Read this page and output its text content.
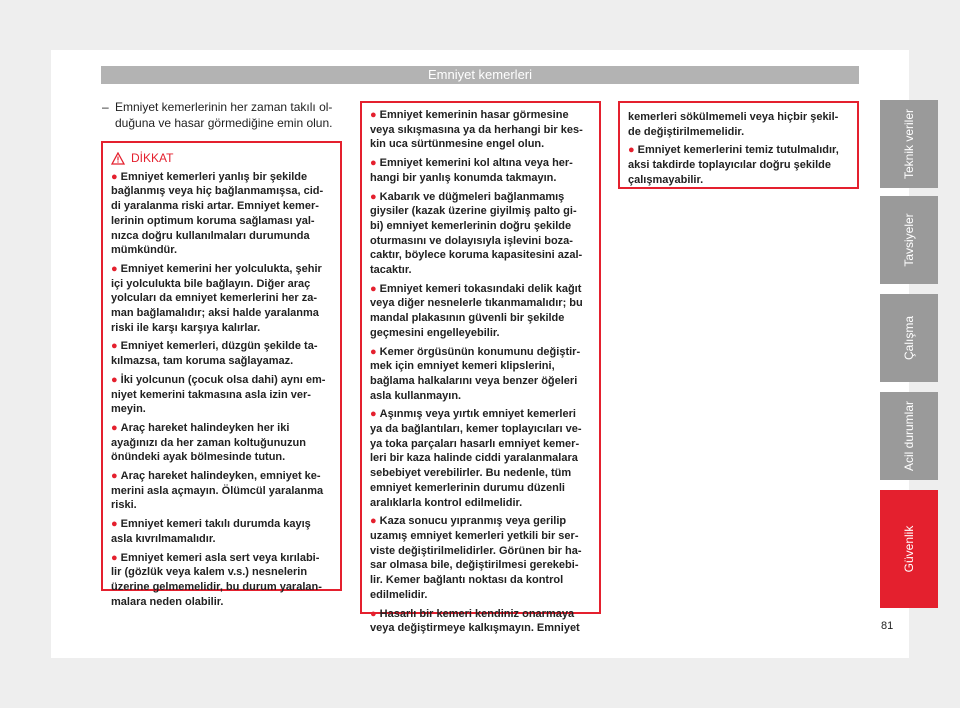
Emniyet kemerleri
Teknik veriler
Tavsiyeler
Çalışma
Acil durumlar
Güvenlik
81
– Emniyet kemerlerinin her zaman takılı ol-
duğuna ve hasar görmediğine emin olun.
DİKKAT
● Emniyet kemerleri yanlış bir şekilde
bağlanmış veya hiç bağlanmamışsa, cid-
di yaralanma riski artar. Emniyet kemer-
lerinin optimum koruma sağlaması yal-
nızca doğru kullanılmaları durumunda
mümkündür.
● Emniyet kemerini her yolculukta, şehir
içi yolculukta bile bağlayın. Diğer araç
yolcuları da emniyet kemerlerini her za-
man bağlamalıdır; aksi halde yaralanma
riski ile karşı karşıya kalırlar.
● Emniyet kemerleri, düzgün şekilde ta-
kılmazsa, tam koruma sağlayamaz.
● İki yolcunun (çocuk olsa dahi) aynı em-
niyet kemerini takmasına asla izin ver-
meyin.
● Araç hareket halindeyken her iki
ayağınızı da her zaman koltuğunuzun
önündeki ayak bölmesinde tutun.
● Araç hareket halindeyken, emniyet ke-
merini asla açmayın. Ölümcül yaralanma
riski.
● Emniyet kemeri takılı durumda kayış
asla kıvrılmamalıdır.
● Emniyet kemeri asla sert veya kırılabi-
lir (gözlük veya kalem v.s.) nesnelerin
üzerine gelmemelidir, bu durum yaralan-
malara neden olabilir.
● Emniyet kemerinin hasar görmesine
veya sıkışmasına ya da herhangi bir kes-
kin uca sürtünmesine engel olun.
● Emniyet kemerini kol altına veya her-
hangi bir yanlış konumda takmayın.
● Kabarık ve düğmeleri bağlanmamış
giysiler (kazak üzerine giyilmiş palto gi-
bi) emniyet kemerlerinin doğru şekilde
oturmasını ve dolayısıyla işlevini boza-
caktır, böylece koruma kapasitesini azal-
tacaktır.
● Emniyet kemeri tokasındaki delik kağıt
veya diğer nesnelerle tıkanmamalıdır; bu
mandal plakasının güvenli bir şekilde
geçmesini engelleyebilir.
● Kemer örgüsünün konumunu değiştir-
mek için emniyet kemeri klipslerini,
bağlama halkalarını veya benzer öğeleri
asla kullanmayın.
● Aşınmış veya yırtık emniyet kemerleri
ya da bağlantıları, kemer toplayıcıları ve-
ya toka parçaları hasarlı emniyet kemer-
leri bir kaza halinde ciddi yaralanmalara
sebebiyet verebilirler. Bu nedenle, tüm
emniyet kemerlerinin durumu düzenli
aralıklarla kontrol edilmelidir.
● Kaza sonucu yıpranmış veya gerilip
uzamış emniyet kemerleri yetkili bir ser-
viste değiştirilmelidirler. Görünen bir ha-
sar olmasa bile, değiştirilmesi gerekebi-
lir. Kemer bağlantı noktası da kontrol
edilmelidir.
● Hasarlı bir kemeri kendiniz onarmaya
veya değiştirmeye kalkışmayın. Emniyet
kemerleri sökülmemeli veya hiçbir şekil-
de değiştirilmemelidir.
● Emniyet kemerlerini temiz tutulmalıdır,
aksi takdirde toplayıcılar doğru şekilde
çalışmayabilir.
